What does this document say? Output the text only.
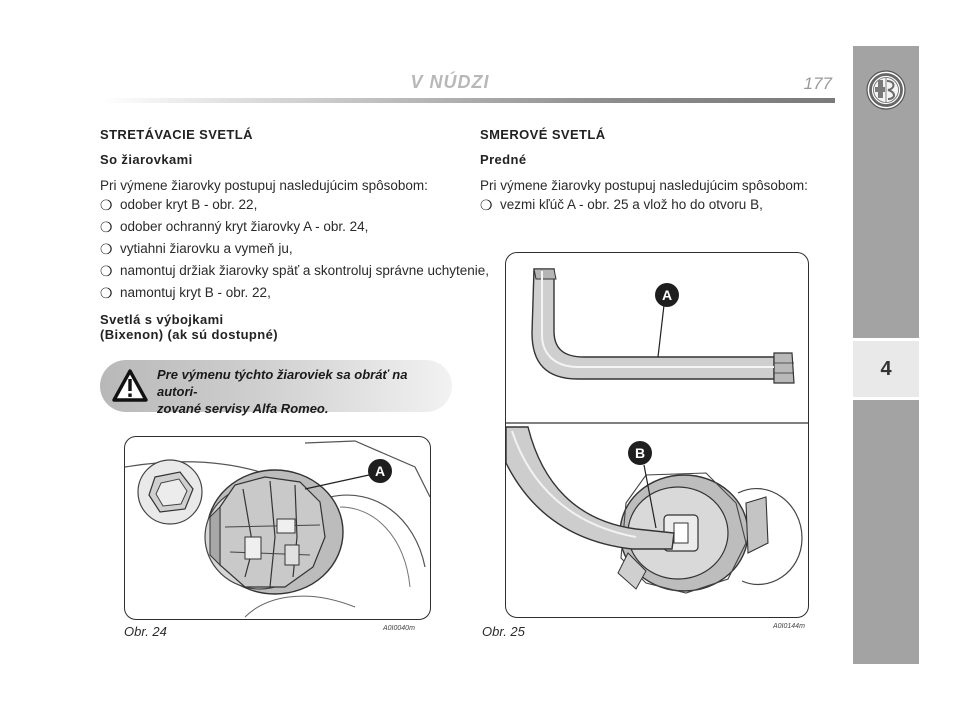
V NÚDZI	177
4
STRETÁVACIE SVETLÁ
So žiarovkami
Pri výmene žiarovky postupuj nasledujúcim spôsobom:
❍ odober kryt B - obr. 22,
❍ odober ochranný kryt žiarovky A - obr. 24,
❍ vytiahni žiarovku a vymeň ju,
❍ namontuj držiak žiarovky späť a skontroluj správne uchytenie,
❍ namontuj kryt B - obr. 22,
Svetlá s výbojkami
(Bixenon) (ak sú dostupné)
Pre výmenu týchto žiaroviek sa obráť na autori-
zované servisy Alfa Romeo.
A
Obr. 24	A0I0040m
SMEROVÉ SVETLÁ
Predné
Pri výmene žiarovky postupuj nasledujúcim spôsobom:
❍ vezmi kľúč A - obr. 25 a vlož ho do otvoru B,
A
B
Obr. 25	A0I0144m
